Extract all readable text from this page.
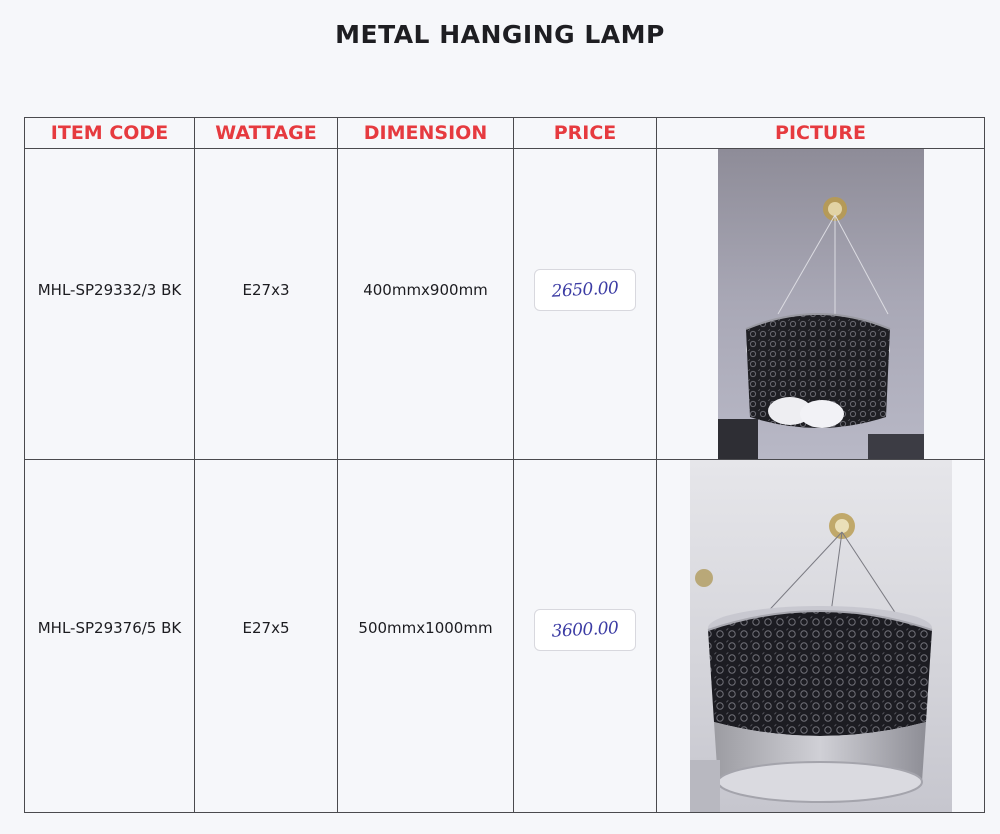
METAL HANGING LAMP
ITEM CODE	WATTAGE	DIMENSION	PRICE	PICTURE

MHL-SP29332/3 BK	E27x3	400mmx900mm	2650.00

MHL-SP29376/5 BK	E27x5	500mmx1000mm	3600.00
